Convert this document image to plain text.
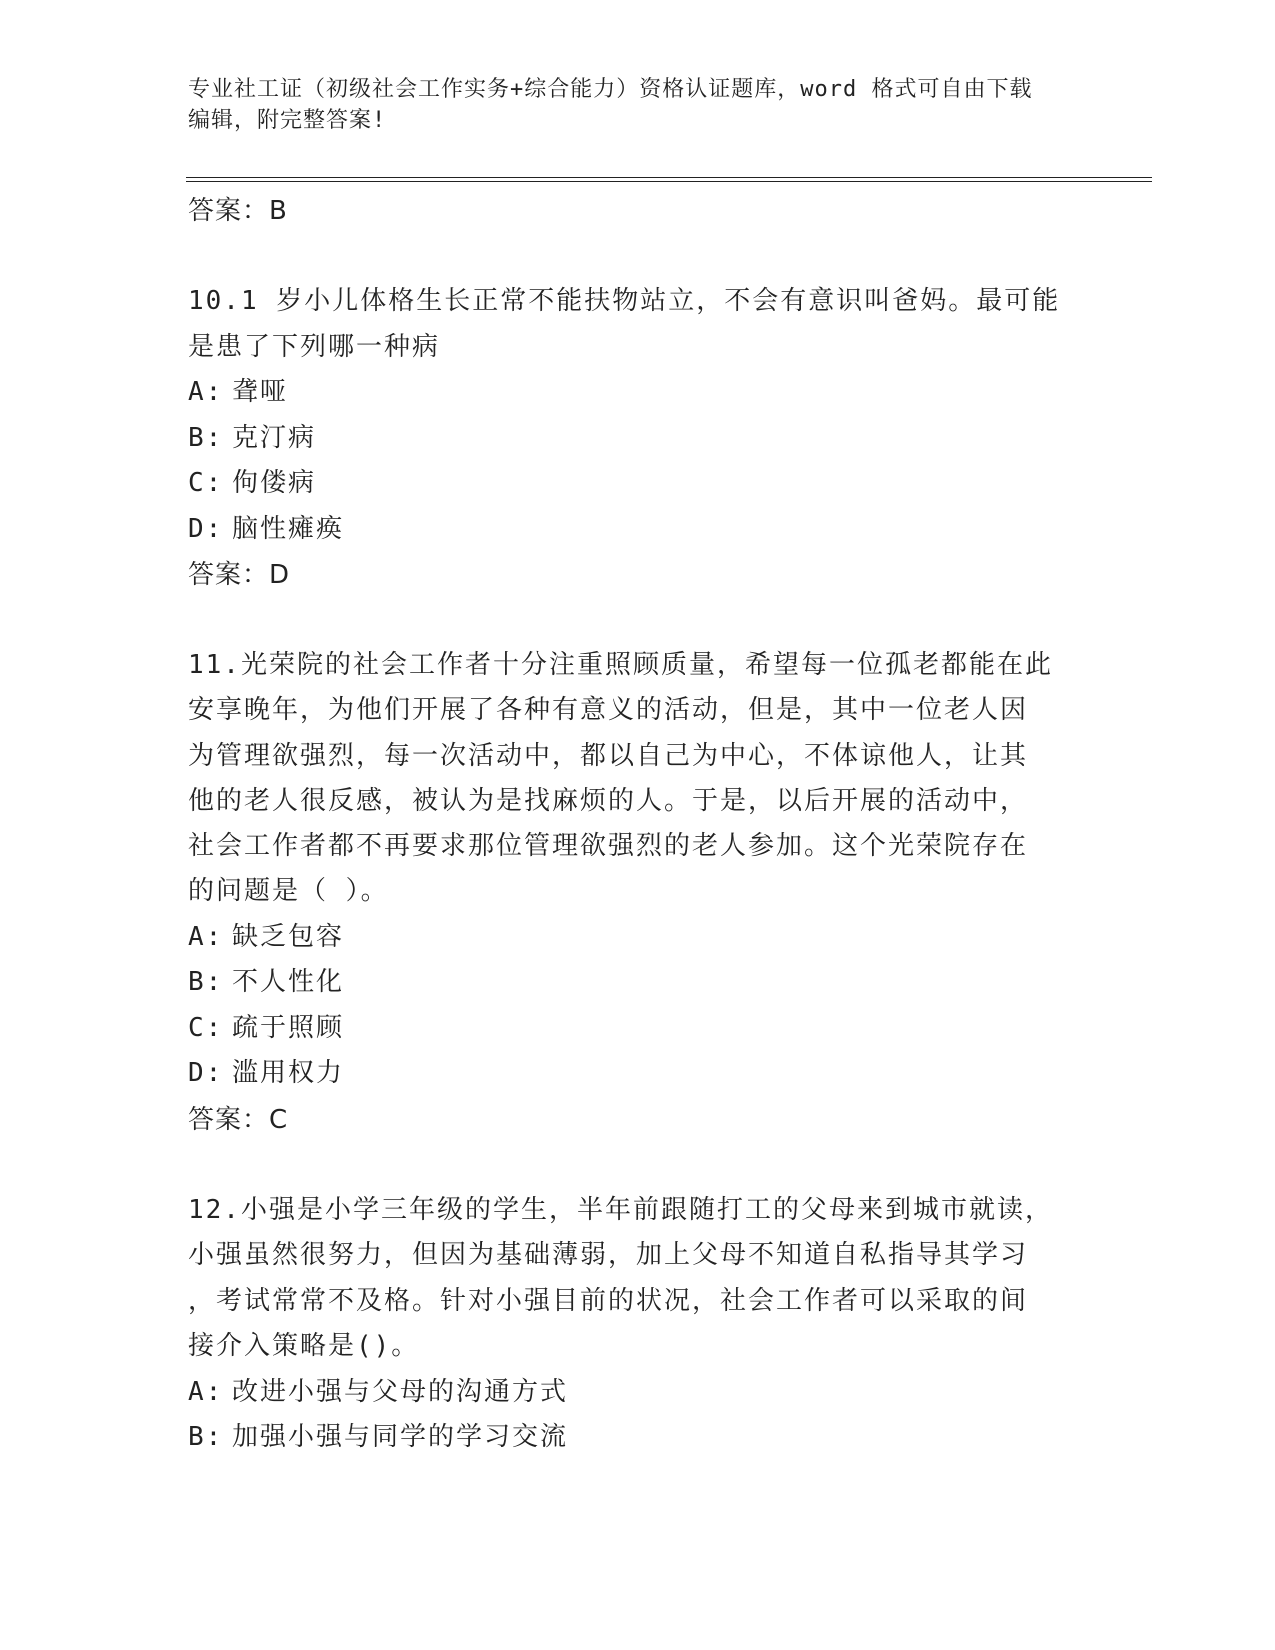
专业社工证（初级社会工作实务+综合能力）资格认证题库，word 格式可自由下载
编辑，附完整答案!
答案：B
10.1 岁小儿体格生长正常不能扶物站立，不会有意识叫爸妈。最可能
是患了下列哪一种病
A: 聋哑
B: 克汀病
C: 佝偻病
D: 脑性瘫痪
答案：D
11.光荣院的社会工作者十分注重照顾质量，希望每一位孤老都能在此
安享晚年，为他们开展了各种有意义的活动，但是，其中一位老人因
为管理欲强烈，每一次活动中，都以自己为中心，不体谅他人，让其
他的老人很反感，被认为是找麻烦的人。于是，以后开展的活动中，
社会工作者都不再要求那位管理欲强烈的老人参加。这个光荣院存在
的问题是（ ）。
A: 缺乏包容
B: 不人性化
C: 疏于照顾
D: 滥用权力
答案：C
12.小强是小学三年级的学生，半年前跟随打工的父母来到城市就读，
小强虽然很努力，但因为基础薄弱，加上父母不知道自私指导其学习
，考试常常不及格。针对小强目前的状况，社会工作者可以采取的间
接介入策略是()。
A: 改进小强与父母的沟通方式
B: 加强小强与同学的学习交流
